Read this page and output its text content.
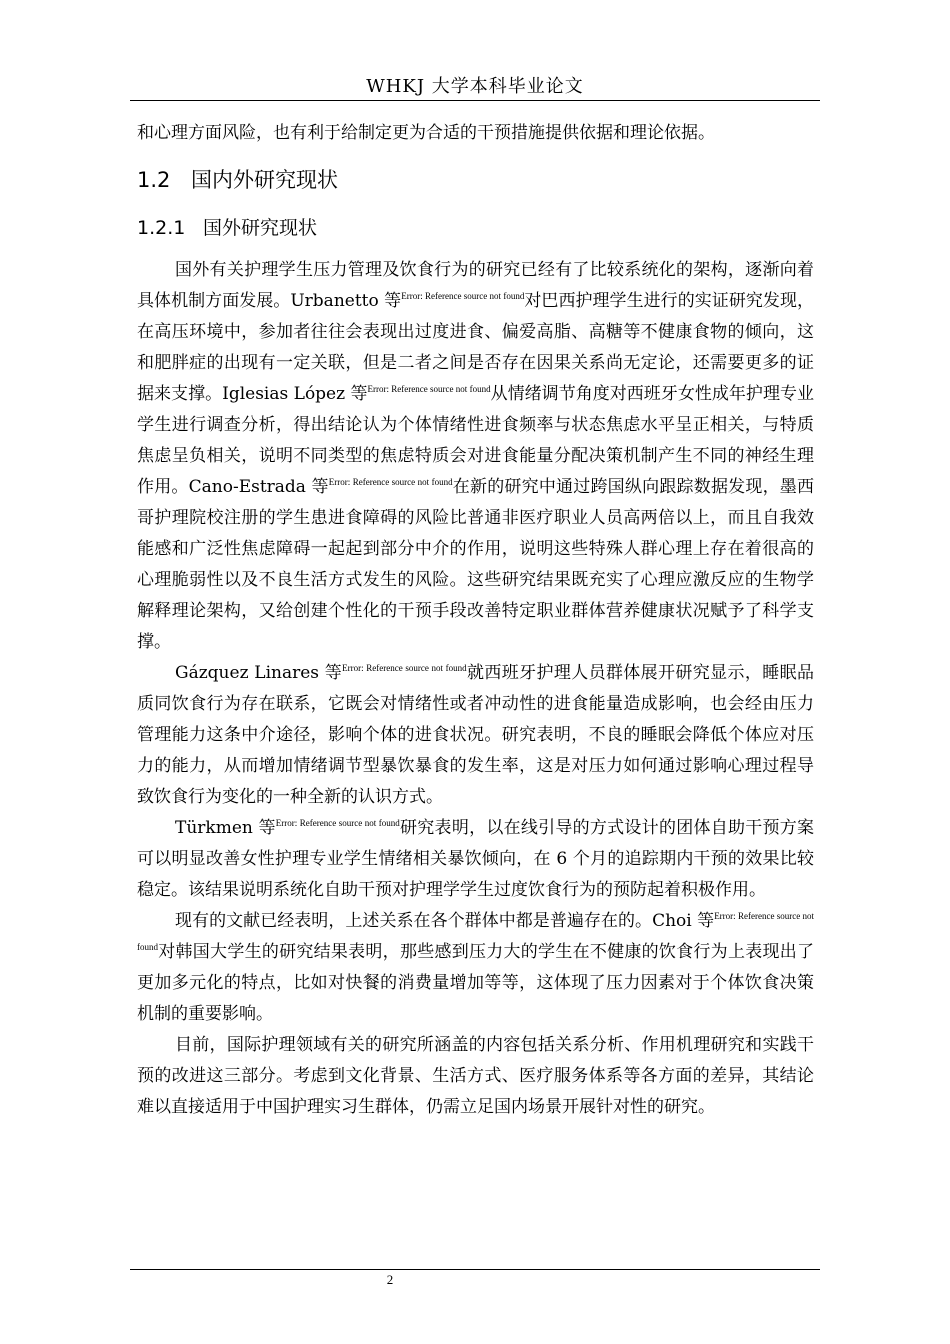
WHKJ 大学本科毕业论文

和心理方面风险，也有利于给制定更为合适的干预措施提供依据和理论依据。

1.2 国内外研究现状
1.2.1 国外研究现状

国外有关护理学生压力管理及饮食行为的研究已经有了比较系统化的架构，逐渐向着具体机制方面发展。Urbanetto 等$^{Error: Reference source not found}$对巴西护理学生进行的实证研究发现，在高压环境中，参加者往往会表现出过度进食、偏爱高脂、高糖等不健康食物的倾向，这和肥胖症的出现有一定关联，但是二者之间是否存在因果关系尚无定论，还需要更多的证据来支撑。Iglesias López 等$^{Error: Reference source not found}$从情绪调节角度对西班牙女性成年护理专业学生进行调查分析，得出结论认为个体情绪性进食频率与状态焦虑水平呈正相关，与特质焦虑呈负相关，说明不同类型的焦虑特质会对进食能量分配决策机制产生不同的神经生理作用。Cano-Estrada 等$^{Error: Reference source not found}$在新的研究中通过跨国纵向跟踪数据发现，墨西哥护理院校注册的学生患进食障碍的风险比普通非医疗职业人员高两倍以上，而且自我效能感和广泛性焦虑障碍一起起到部分中介的作用，说明这些特殊人群心理上存在着很高的心理脆弱性以及不良生活方式发生的风险。这些研究结果既充实了心理应激反应的生物学解释理论架构，又给创建个性化的干预手段改善特定职业群体营养健康状况赋予了科学支撑。

Gázquez Linares 等$^{Error: Reference source not found}$就西班牙护理人员群体展开研究显示，睡眠品质同饮食行为存在联系，它既会对情绪性或者冲动性的进食能量造成影响，也会经由压力管理能力这条中介途径，影响个体的进食状况。研究表明，不良的睡眠会降低个体应对压力的能力，从而增加情绪调节型暴饮暴食的发生率，这是对压力如何通过影响心理过程导致饮食行为变化的一种全新的认识方式。

Türkmen 等$^{Error: Reference source not found}$研究表明，以在线引导的方式设计的团体自助干预方案可以明显改善女性护理专业学生情绪相关暴饮倾向，在 6 个月的追踪期内干预的效果比较稳定。该结果说明系统化自助干预对护理学学生过度饮食行为的预防起着积极作用。

现有的文献已经表明，上述关系在各个群体中都是普遍存在的。Choi 等$^{Error: Reference source not found}$对韩国大学生的研究结果表明，那些感到压力大的学生在不健康的饮食行为上表现出了更加多元化的特点，比如对快餐的消费量增加等等，这体现了压力因素对于个体饮食决策机制的重要影响。

目前，国际护理领域有关的研究所涵盖的内容包括关系分析、作用机理研究和实践干预的改进这三部分。考虑到文化背景、生活方式、医疗服务体系等各方面的差异，其结论难以直接适用于中国护理实习生群体，仍需立足国内场景开展针对性的研究。

2
